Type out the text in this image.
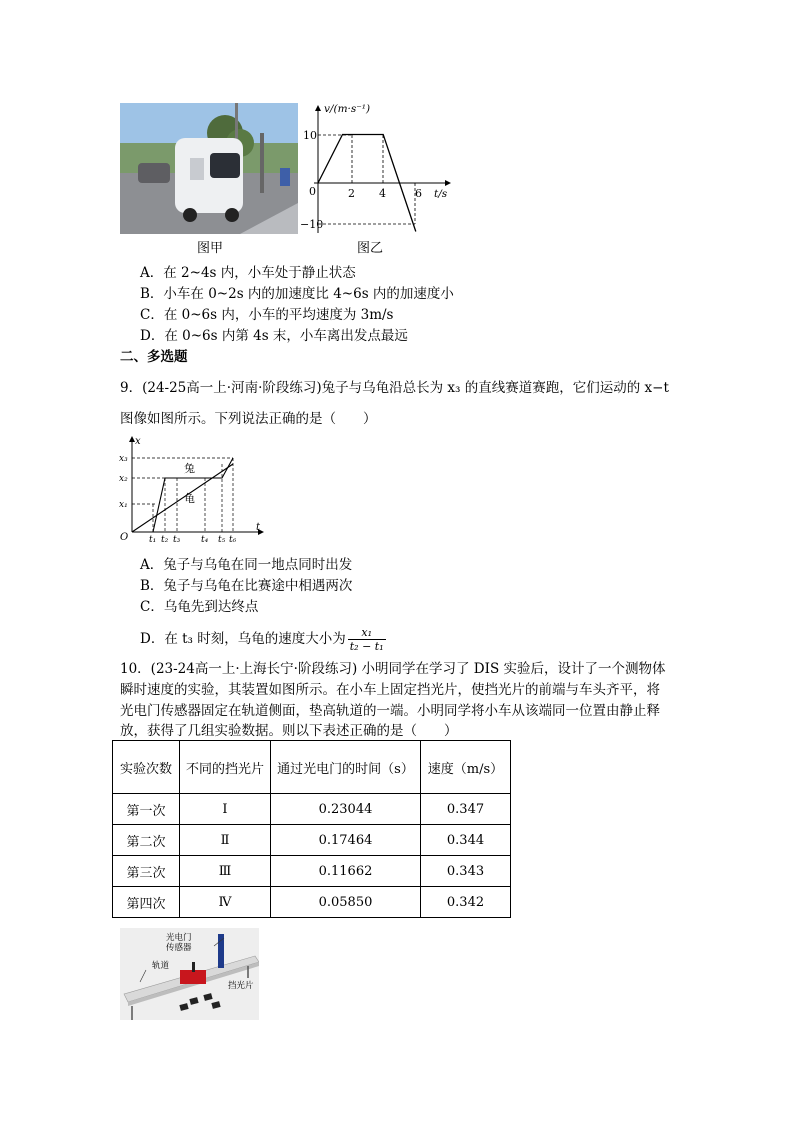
v/(m·s⁻¹)
t/s
0
10
−10
2 4	6
图甲	图乙
A．在 2~4s 内，小车处于静止状态
B．小车在 0~2s 内的加速度比 4~6s 内的加速度小
C．在 0~6s 内，小车的平均速度为 3m/s
D．在 0~6s 内第 4s 末，小车离出发点最远
二、多选题
9．(24-25高一上·河南·阶段练习)兔子与乌龟沿总长为 x₃ 的直线赛道赛跑，它们运动的 x−t
图像如图所示。下列说法正确的是（　　）
x
t
O
x₃
x₂
x₁
t₁ t₂ t₃ t₄ t₅ t₆
兔
龟
A．兔子与乌龟在同一地点同时出发
B．兔子与乌龟在比赛途中相遇两次
C．乌龟先到达终点
D．在 t₃ 时刻，乌龟的速度大小为 $\frac{\text{x₁}}{\text{t₂ − t₁}}$
10．(23-24高一上·上海长宁·阶段练习) 小明同学在学习了 DIS 实验后，设计了一个测物体
瞬时速度的实验，其装置如图所示。在小车上固定挡光片，使挡光片的前端与车头齐平，将
光电门传感器固定在轨道侧面，垫高轨道的一端。小明同学将小车从该端同一位置由静止释
放，获得了几组实验数据。则以下表述正确的是（　　）
实验次数	不同的挡光片	通过光电门的时间（s）	速度（m/s）
第一次	Ⅰ	0.23044	0.347
第二次	Ⅱ	0.17464	0.344
第三次	Ⅲ	0.11662	0.343
第四次	Ⅳ	0.05850	0.342
光电门
传感器
轨道
挡光片
